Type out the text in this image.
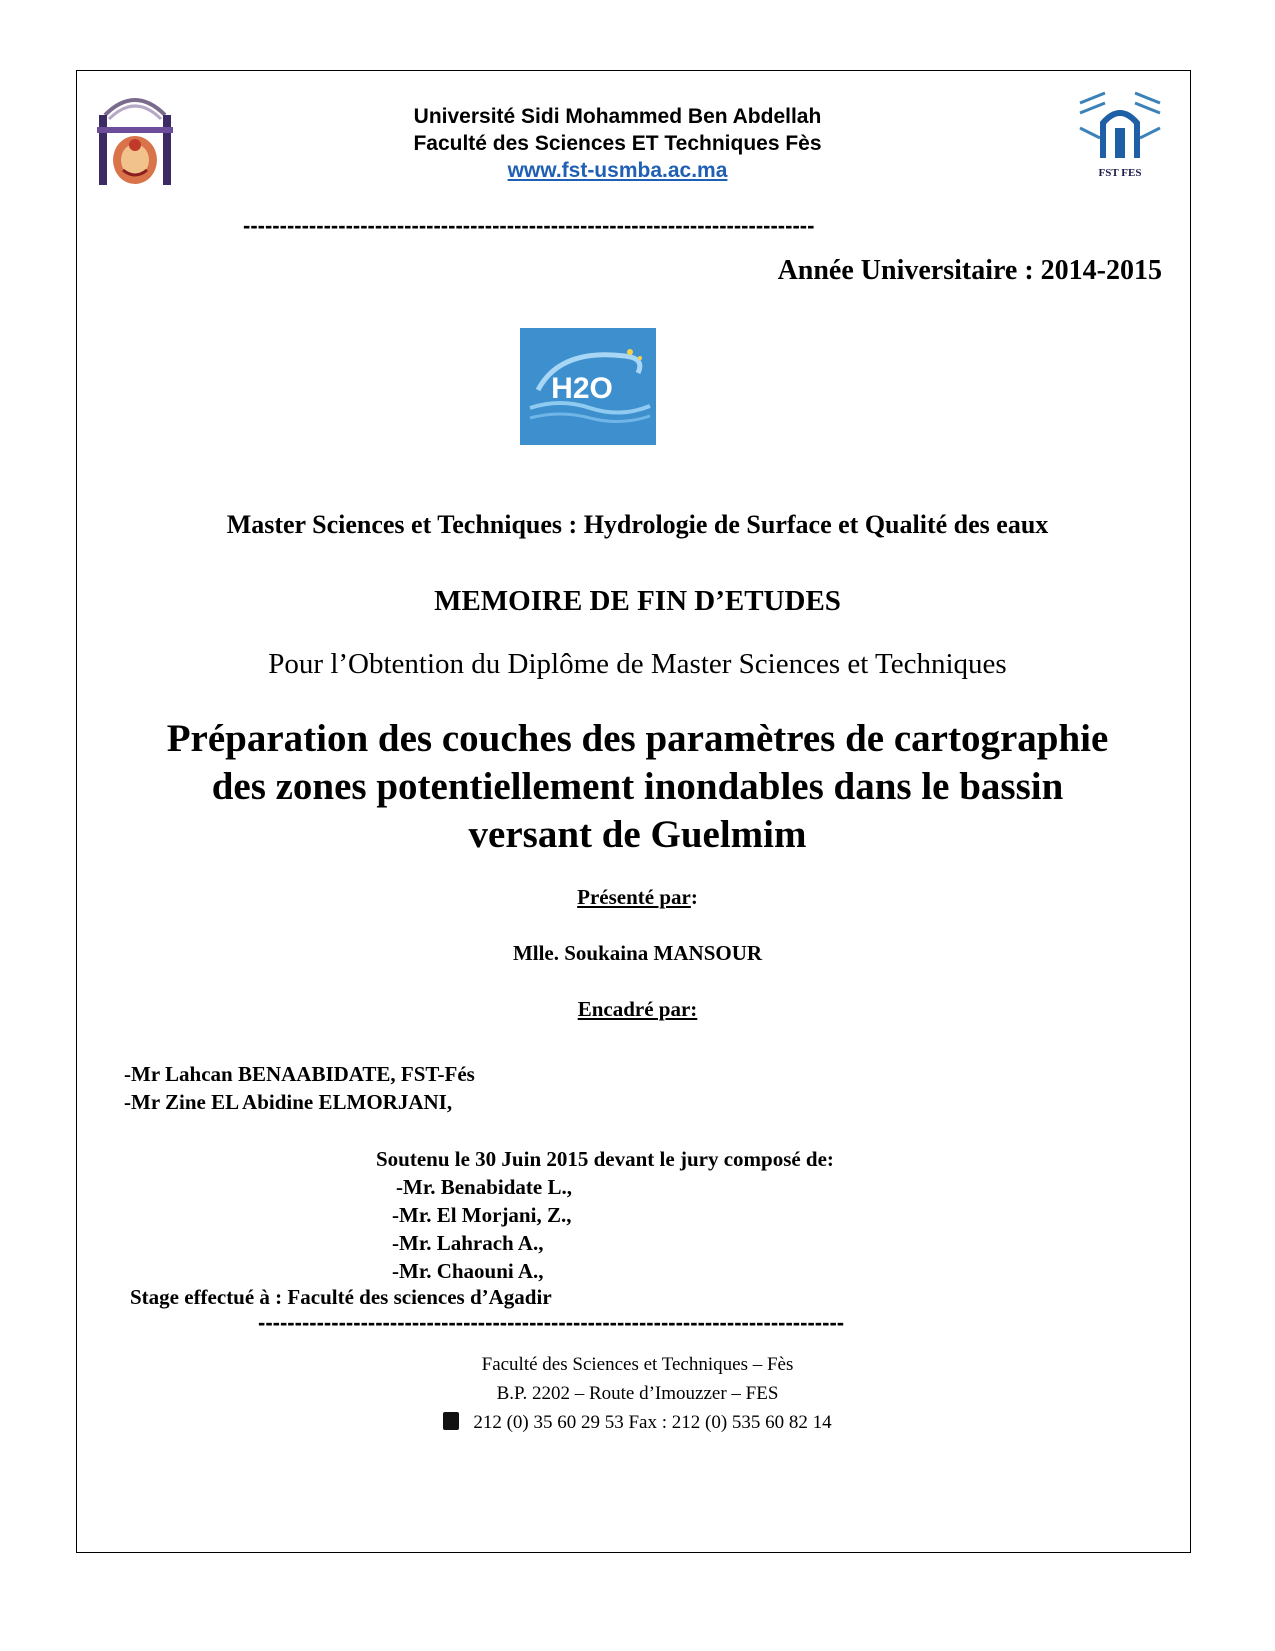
FST FES
Université Sidi Mohammed Ben Abdellah
Faculté des Sciences ET Techniques Fès
www.fst-usmba.ac.ma
------------------------------------------------------------------------------
Année Universitaire : 2014-2015
H2O
Master Sciences et Techniques : Hydrologie de Surface et Qualité des eaux
MEMOIRE DE FIN D’ETUDES
Pour l’Obtention du Diplôme de Master Sciences et Techniques
Préparation des couches des paramètres de cartographie
des zones potentiellement inondables dans le bassin
versant de Guelmim
Présenté par:
Mlle. Soukaina MANSOUR
Encadré par:
-Mr Lahcan BENAABIDATE, FST-Fés
-Mr Zine EL Abidine ELMORJANI,
Soutenu le 30 Juin 2015 devant le jury composé de:
-Mr. Benabidate L.,
-Mr. El Morjani, Z.,
-Mr. Lahrach A.,
-Mr. Chaouni A.,
Stage effectué à : Faculté des sciences d’Agadir
--------------------------------------------------------------------------------
Faculté des Sciences et Techniques – Fès
B.P. 2202 – Route d’Imouzzer – FES
212 (0) 35 60 29 53 Fax : 212 (0) 535 60 82 14
